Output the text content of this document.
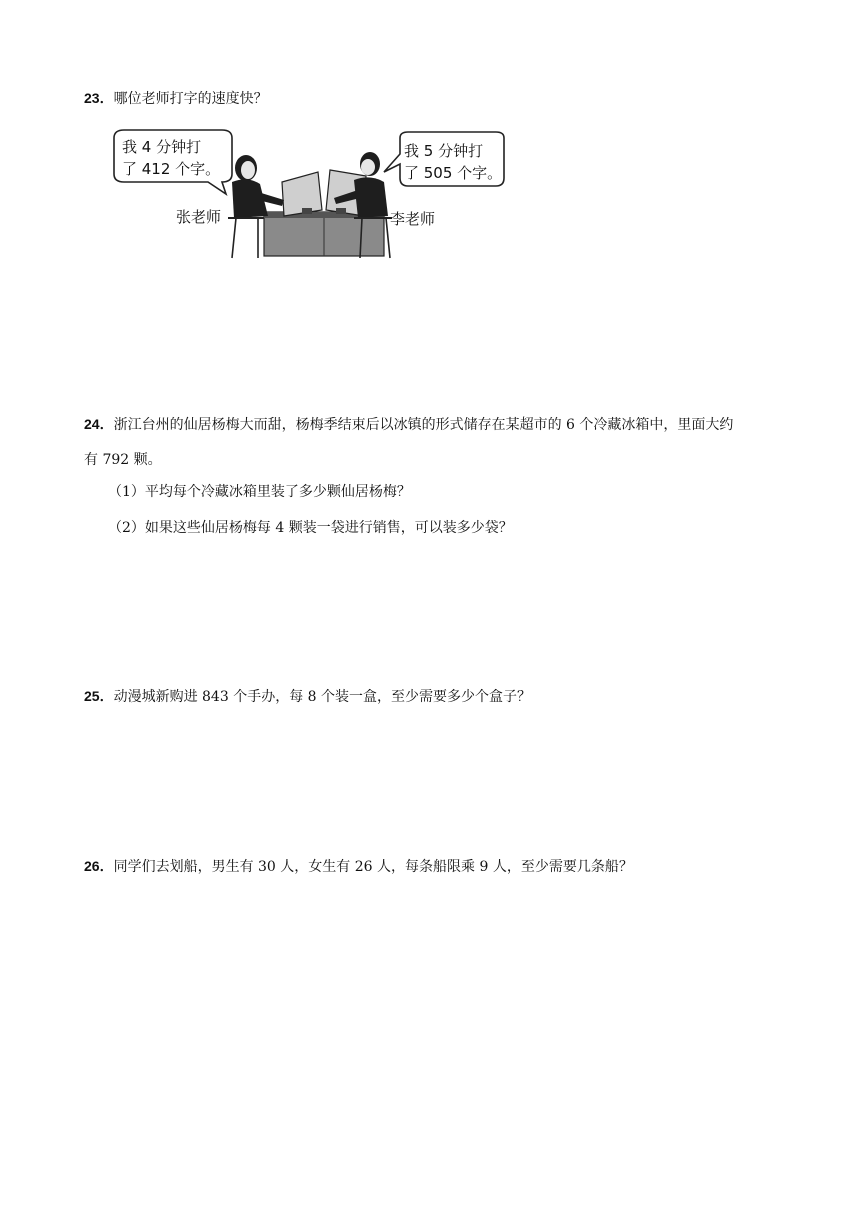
23．哪位老师打字的速度快？
我 4 分钟打
了 412 个字。
我 5 分钟打
了 505 个字。
张老师	李老师
24．浙江台州的仙居杨梅大而甜，杨梅季结束后以冰镇的形式储存在某超市的 6 个冷藏冰箱中，里面大约
有 792 颗。
（1）平均每个冷藏冰箱里装了多少颗仙居杨梅？
（2）如果这些仙居杨梅每 4 颗装一袋进行销售，可以装多少袋？
25．动漫城新购进 843 个手办，每 8 个装一盒，至少需要多少个盒子？
26．同学们去划船，男生有 30 人，女生有 26 人，每条船限乘 9 人，至少需要几条船？
